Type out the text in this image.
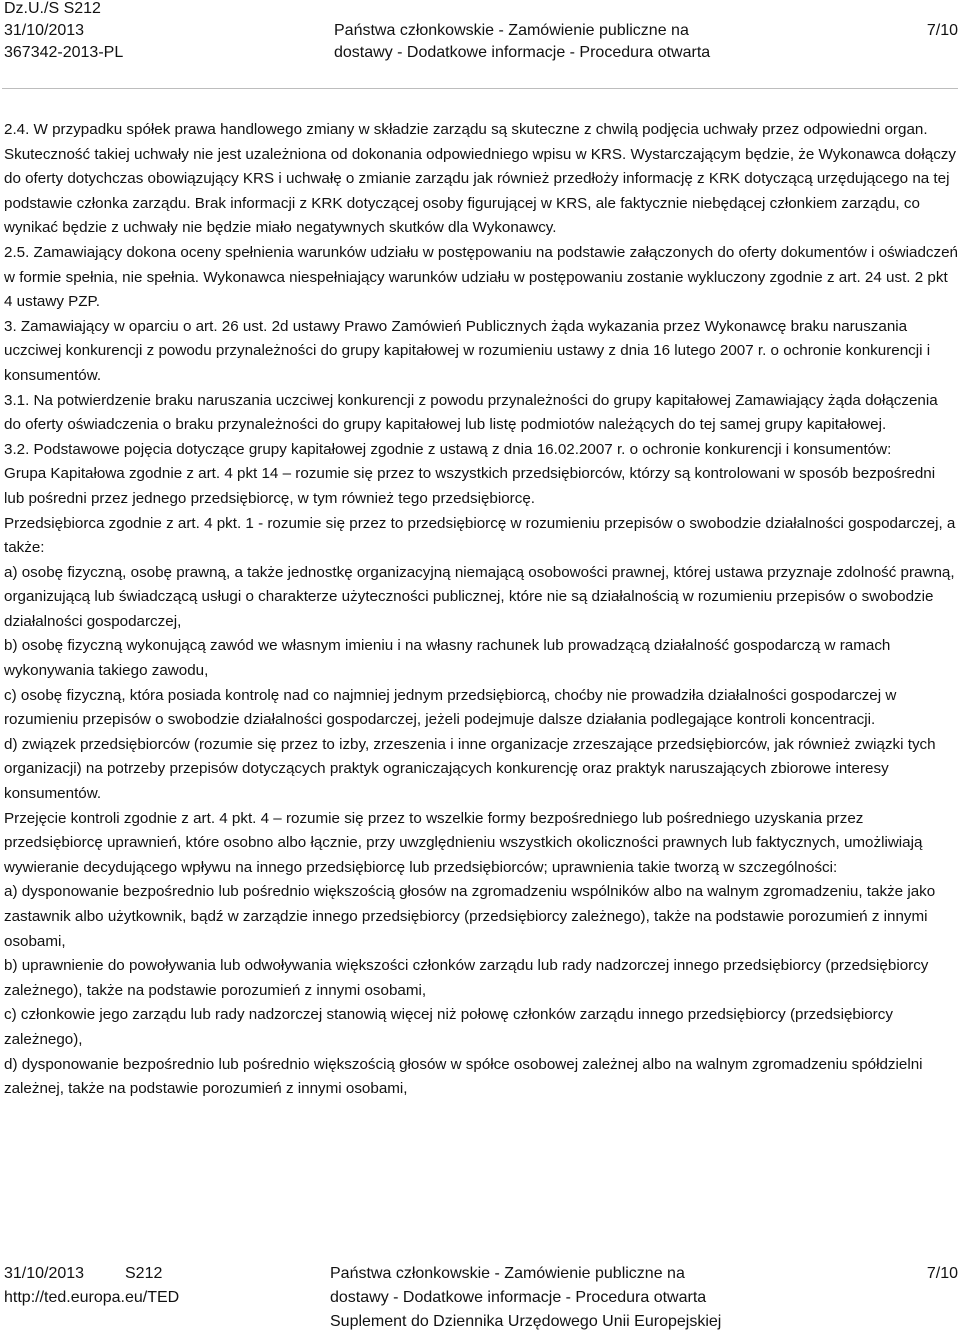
Dz.U./S S212
31/10/2013
367342-2013-PL
Państwa członkowskie - Zamówienie publiczne na
dostawy - Dodatkowe informacje - Procedura otwarta
7/10

2.4. W przypadku spółek prawa handlowego zmiany w składzie zarządu są skuteczne z chwilą podjęcia uchwały przez odpowiedni organ. Skuteczność takiej uchwały nie jest uzależniona od dokonania odpowiedniego wpisu w KRS. Wystarczającym będzie, że Wykonawca dołączy do oferty dotychczas obowiązujący KRS i uchwałę o zmianie zarządu jak również przedłoży informację z KRK dotyczącą urzędującego na tej podstawie członka zarządu. Brak informacji z KRK dotyczącej osoby figurującej w KRS, ale faktycznie niebędącej członkiem zarządu, co wynikać będzie z uchwały nie będzie miało negatywnych skutków dla Wykonawcy.

2.5. Zamawiający dokona oceny spełnienia warunków udziału w postępowaniu na podstawie załączonych do oferty dokumentów i oświadczeń w formie spełnia, nie spełnia. Wykonawca niespełniający warunków udziału w postępowaniu zostanie wykluczony zgodnie z art. 24 ust. 2 pkt 4 ustawy PZP.

3. Zamawiający w oparciu o art. 26 ust. 2d ustawy Prawo Zamówień Publicznych żąda wykazania przez Wykonawcę braku naruszania uczciwej konkurencji z powodu przynależności do grupy kapitałowej w rozumieniu ustawy z dnia 16 lutego 2007 r. o ochronie konkurencji i konsumentów.

3.1. Na potwierdzenie braku naruszania uczciwej konkurencji z powodu przynależności do grupy kapitałowej Zamawiający żąda dołączenia do oferty oświadczenia o braku przynależności do grupy kapitałowej lub listę podmiotów należących do tej samej grupy kapitałowej.

3.2. Podstawowe pojęcia dotyczące grupy kapitałowej zgodnie z ustawą z dnia 16.02.2007 r. o ochronie konkurencji i konsumentów:

Grupa Kapitałowa zgodnie z art. 4 pkt 14 – rozumie się przez to wszystkich przedsiębiorców, którzy są kontrolowani w sposób bezpośredni lub pośredni przez jednego przedsiębiorcę, w tym również tego przedsiębiorcę.

Przedsiębiorca zgodnie z art. 4 pkt. 1 - rozumie się przez to przedsiębiorcę w rozumieniu przepisów o swobodzie działalności gospodarczej, a także:

a) osobę fizyczną, osobę prawną, a także jednostkę organizacyjną niemającą osobowości prawnej, której ustawa przyznaje zdolność prawną, organizującą lub świadczącą usługi o charakterze użyteczności publicznej, które nie są działalnością w rozumieniu przepisów o swobodzie działalności gospodarczej,

b) osobę fizyczną wykonującą zawód we własnym imieniu i na własny rachunek lub prowadzącą działalność gospodarczą w ramach wykonywania takiego zawodu,

c) osobę fizyczną, która posiada kontrolę nad co najmniej jednym przedsiębiorcą, choćby nie prowadziła działalności gospodarczej w rozumieniu przepisów o swobodzie działalności gospodarczej, jeżeli podejmuje dalsze działania podlegające kontroli koncentracji.

d) związek przedsiębiorców (rozumie się przez to izby, zrzeszenia i inne organizacje zrzeszające przedsiębiorców, jak również związki tych organizacji) na potrzeby przepisów dotyczących praktyk ograniczających konkurencję oraz praktyk naruszających zbiorowe interesy konsumentów.

Przejęcie kontroli zgodnie z art. 4 pkt. 4 – rozumie się przez to wszelkie formy bezpośredniego lub pośredniego uzyskania przez przedsiębiorcę uprawnień, które osobno albo łącznie, przy uwzględnieniu wszystkich okoliczności prawnych lub faktycznych, umożliwiają wywieranie decydującego wpływu na innego przedsiębiorcę lub przedsiębiorców; uprawnienia takie tworzą w szczególności:

a) dysponowanie bezpośrednio lub pośrednio większością głosów na zgromadzeniu wspólników albo na walnym zgromadzeniu, także jako zastawnik albo użytkownik, bądź w zarządzie innego przedsiębiorcy (przedsiębiorcy zależnego), także na podstawie porozumień z innymi osobami,

b) uprawnienie do powoływania lub odwoływania większości członków zarządu lub rady nadzorczej innego przedsiębiorcy (przedsiębiorcy zależnego), także na podstawie porozumień z innymi osobami,

c) członkowie jego zarządu lub rady nadzorczej stanowią więcej niż połowę członków zarządu innego przedsiębiorcy (przedsiębiorcy zależnego),

d) dysponowanie bezpośrednio lub pośrednio większością głosów w spółce osobowej zależnej albo na walnym zgromadzeniu spółdzielni zależnej, także na podstawie porozumień z innymi osobami,

31/10/2013	S212
http://ted.europa.eu/TED
Państwa członkowskie - Zamówienie publiczne na
dostawy - Dodatkowe informacje - Procedura otwarta
Suplement do Dziennika Urzędowego Unii Europejskiej
7/10
